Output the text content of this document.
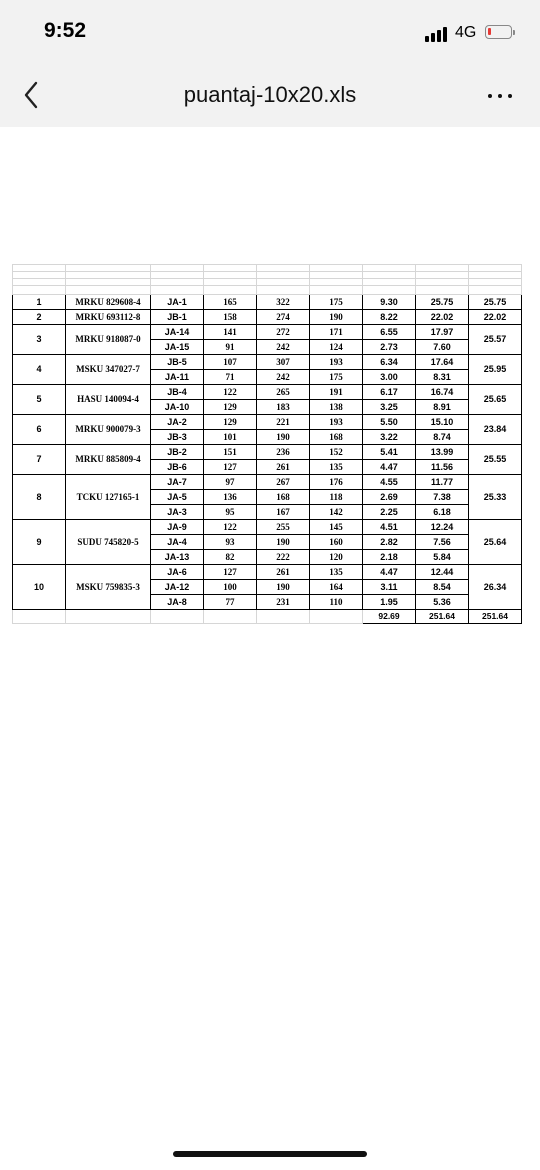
9:52	4G
puantaj-10x20.xls

1	MRKU 829608-4	JA-1	165	322	175	9.30	25.75	25.75
2	MRKU 693112-8	JB-1	158	274	190	8.22	22.02	22.02
3	MRKU 918087-0	JA-14	141	272	171	6.55	17.97	25.57
		JA-15	91	242	124	2.73	7.60	
4	MSKU 347027-7	JB-5	107	307	193	6.34	17.64	25.95
		JA-11	71	242	175	3.00	8.31	
5	HASU 140094-4	JB-4	122	265	191	6.17	16.74	25.65
		JA-10	129	183	138	3.25	8.91	
6	MRKU 900079-3	JA-2	129	221	193	5.50	15.10	23.84
		JB-3	101	190	168	3.22	8.74	
7	MRKU 885809-4	JB-2	151	236	152	5.41	13.99	25.55
		JB-6	127	261	135	4.47	11.56	
8	TCKU 127165-1	JA-7	97	267	176	4.55	11.77	25.33
		JA-5	136	168	118	2.69	7.38	
		JA-3	95	167	142	2.25	6.18	
9	SUDU 745820-5	JA-9	122	255	145	4.51	12.24	25.64
		JA-4	93	190	160	2.82	7.56	
		JA-13	82	222	120	2.18	5.84	
10	MSKU 759835-3	JA-6	127	261	135	4.47	12.44	26.34
		JA-12	100	190	164	3.11	8.54	
		JA-8	77	231	110	1.95	5.36	
						92.69	251.64	251.64
